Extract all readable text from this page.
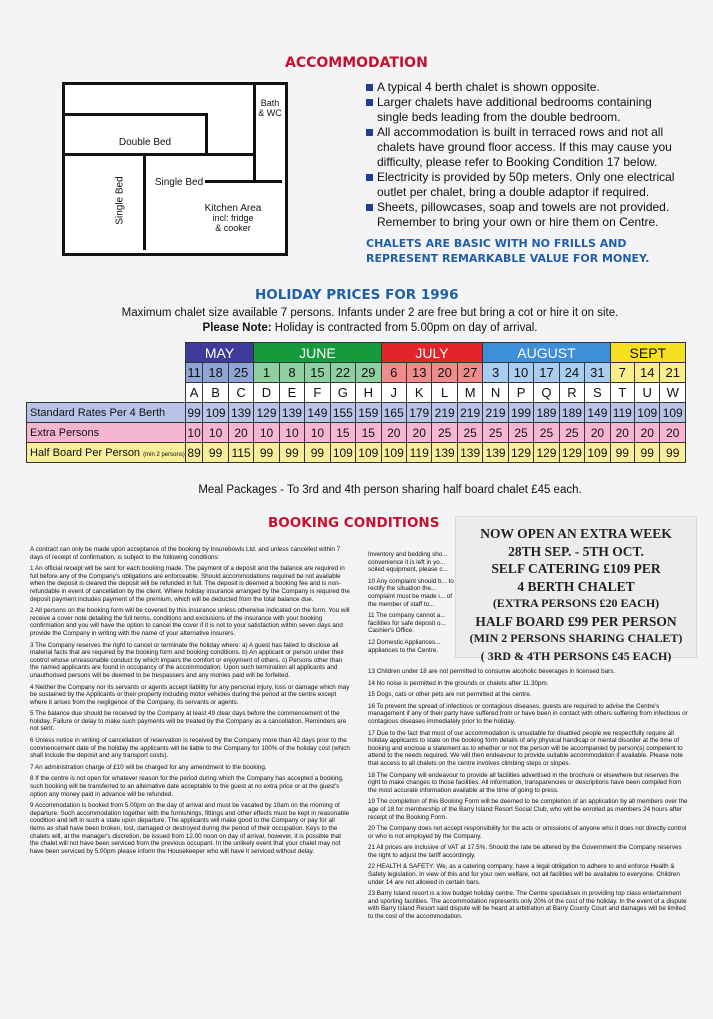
ACCOMMODATION
Double Bed
Bath & WC
Single Bed
Single Bed	Kitchen Area
incl: fridge
& cooker
A typical 4 berth chalet is shown opposite.
Larger chalets have additional bedrooms containing single beds leading from the double bedroom.
All accommodation is built in terraced rows and not all chalets have ground floor access. If this may cause you difficulty, please refer to Booking Condition 17 below.
Electricity is provided by 50p meters. Only one electrical outlet per chalet, bring a double adaptor if required.
Sheets, pillowcases, soap and towels are not provided. Remember to bring your own or hire them on Centre.
CHALETS ARE BASIC WITH NO FRILLS AND REPRESENT REMARKABLE VALUE FOR MONEY.
HOLIDAY PRICES FOR 1996
Maximum chalet size available 7 persons. Infants under 2 are free but bring a cot or hire it on site.
Please Note: Holiday is contracted from 5.00pm on day of arrival.
	MAY			JUNE					JULY				AUGUST					SEPT		
	11	18	25	1	8	15	22	29	6	13	20	27	3	10	17	24	31	7	14	21
	A	B	C	D	E	F	G	H	J	K	L	M	N	P	Q	R	S	T	U	W
Standard Rates Per 4 Berth	99	109	139	129	139	149	155	159	165	179	219	219	219	199	189	189	149	119	109	109
Extra Persons	10	10	20	10	10	10	15	15	20	20	25	25	25	25	25	25	20	20	20	20
Half Board Per Person (min 2 persons)	89	99	115	99	99	99	109	109	109	119	139	139	139	129	129	129	109	99	99	99
Meal Packages - To 3rd and 4th person sharing half board chalet £45 each.
BOOKING CONDITIONS

A contract can only be made upon acceptance of the booking by Insurebowls Ltd. and unless cancelled within 7 days of receipt of confirmation, is subject to the following conditions:

1 An official receipt will be sent for each booking made. The payment of a deposit and the balance are required in full before any of the Company's obligations are enforceable. Should accommodations required be not available when the deposit is cleared the deposit will be refunded in full. The deposit is deemed a booking fee and is non-refundable in event of cancellation by the client. Where holiday insurance arranged by the Company is required the deposit payment includes payment of the premium, which will be deducted from the total balance due.

2 All persons on the booking form will be covered by this insurance unless otherwise indicated on the form. You will receive a cover note detailing the full terms, conditions and exclusions of the insurance with your booking confirmation and you will have the option to cancel the cover if it is not to your satisfaction within seven days and provide the Company in writing with the name of your alternative insurers.

3 The Company reserves the right to cancel or terminate the holiday where: a) A guest has failed to disclose all material facts that are required by the booking form and booking conditions. b) An applicant or person under their control whose unreasonable conduct by which impairs the comfort or enjoyment of others. c) Persons other than the named applicants are found in occupancy of the accommodation. Upon such termination all applicants and unauthorised persons will be deemed to be trespassers and any monies paid will be forfeited.

4 Neither the Company nor its servants or agents accept liability for any personal injury, loss or damage which may be sustained by the Applicants or their property including motor vehicles during the period at the centre except where it arises from the negligence of the Company, its servants or agents.

5 The balance due should be received by the Company at least 49 clear days before the commencement of the holiday. Failure or delay to make such payments will be treated by the Company as a cancellation. Reminders are not sent.

6 Unless notice in writing of cancellation of reservation is received by the Company more than 42 days prior to the commencement date of the holiday the applicants will be liable to the Company for 100% of the holiday cost (which shall include the deposit and any transport costs).

7 An administration charge of £10 will be charged for any amendment to the booking.

8 If the centre is not open for whatever reason for the period during which the Company has accepted a booking, such booking will be transferred to an alternative date acceptable to the guest at no extra price or at the guest's option any money paid in advance will be refunded.

9 Accommodation is booked from 5.00pm on the day of arrival and must be vacated by 10am on the morning of departure. Such accommodation together with the furnishings, fittings and other effects must be kept in reasonable condition and left in such a state upon departure. The applicants will make good to the Company or pay for all items as shall have been broken, lost, damaged or destroyed during the period of their occupation. Keys to the chalets will, at the manager's discretion, be issued from 12.00 noon on day of arrival, however, it is possible that the chalet will not have been serviced from the previous occupant. In the unlikely event that your chalet may not have been serviced by 5.00pm please inform the Housekeeper who will have it serviced without delay.

Inventory and bedding sho... convenience it is left in yo... soiled equipment, please c...

10 Any complaint should b... to rectify the situation the... complaint must be made i... of the member of staff to...

11 The company cannot a... facilities for safe deposit o... Cashier's Office.

12 Domestic Appliances... appliances to the Centre.

13 Children under 18 are not permitted to consume alcoholic beverages in licensed bars.

14 No noise is permitted in the grounds or chalets after 11.30pm.

15 Dogs, cats or other pets are not permitted at the centre.

16 To prevent the spread of infectious or contagious diseases, guests are required to advise the Centre's management if any of their party have suffered from or have been in contact with others suffering from infectious or contagious diseases immediately prior to the holiday.

17 Due to the fact that most of our accommodation is unsuitable for disabled people we respectfully require all holiday applicants to state on the booking form details of any physical handicap or mental disorder at the time of booking and enclose a statement as to whether or not the person will be accompanied by person(s) competent to attend to the needs required. We will then endeavour to provide suitable accommodation if available. Please note that access to all chalets on the centre involves climbing steps or slopes.

18 The Company will endeavour to provide all facilities advertised in the brochure or elsewhere but reserves the right to make changes to those facilities. All information, transparencies or descriptions have been compiled from the most accurate information available at the time of going to press.

19 The completion of this Booking Form will be deemed to be completion of an application by all members over the age of 18 for membership of the Barry Island Resort Social Club, who will be enrolled as members 24 hours after receipt of the Booking Form.

20 The Company does not accept responsibility for the acts or omissions of anyone who it does not directly control or who is not employed by the Company.

21 All prices are inclusive of VAT at 17.5%. Should the rate be altered by the Government the Company reserves the right to adjust the tariff accordingly.

22 HEALTH & SAFETY: We, as a catering company, have a legal obligation to adhere to and enforce Health & Safety legislation. In view of this and for your own welfare, not all facilities will be available to everyone. Children under 14 are not allowed in certain bars.

23 Barry Island resort is a low budget holiday centre. The Centre specialises in providing top class entertainment and sporting facilities. The accommodation represents only 20% of the cost of the holiday. In the event of a dispute with Barry Island Resort said dispute will be heard at arbitration at Barry County Court and damages will be limited to the cost of the accommodation.

NOW OPEN AN EXTRA WEEK
28TH SEP. - 5TH OCT.
SELF CATERING £109 PER
4 BERTH CHALET
(EXTRA PERSONS £20 EACH)
HALF BOARD £99 PER PERSON
(MIN 2 PERSONS SHARING CHALET)
( 3RD & 4TH PERSONS £45 EACH)
